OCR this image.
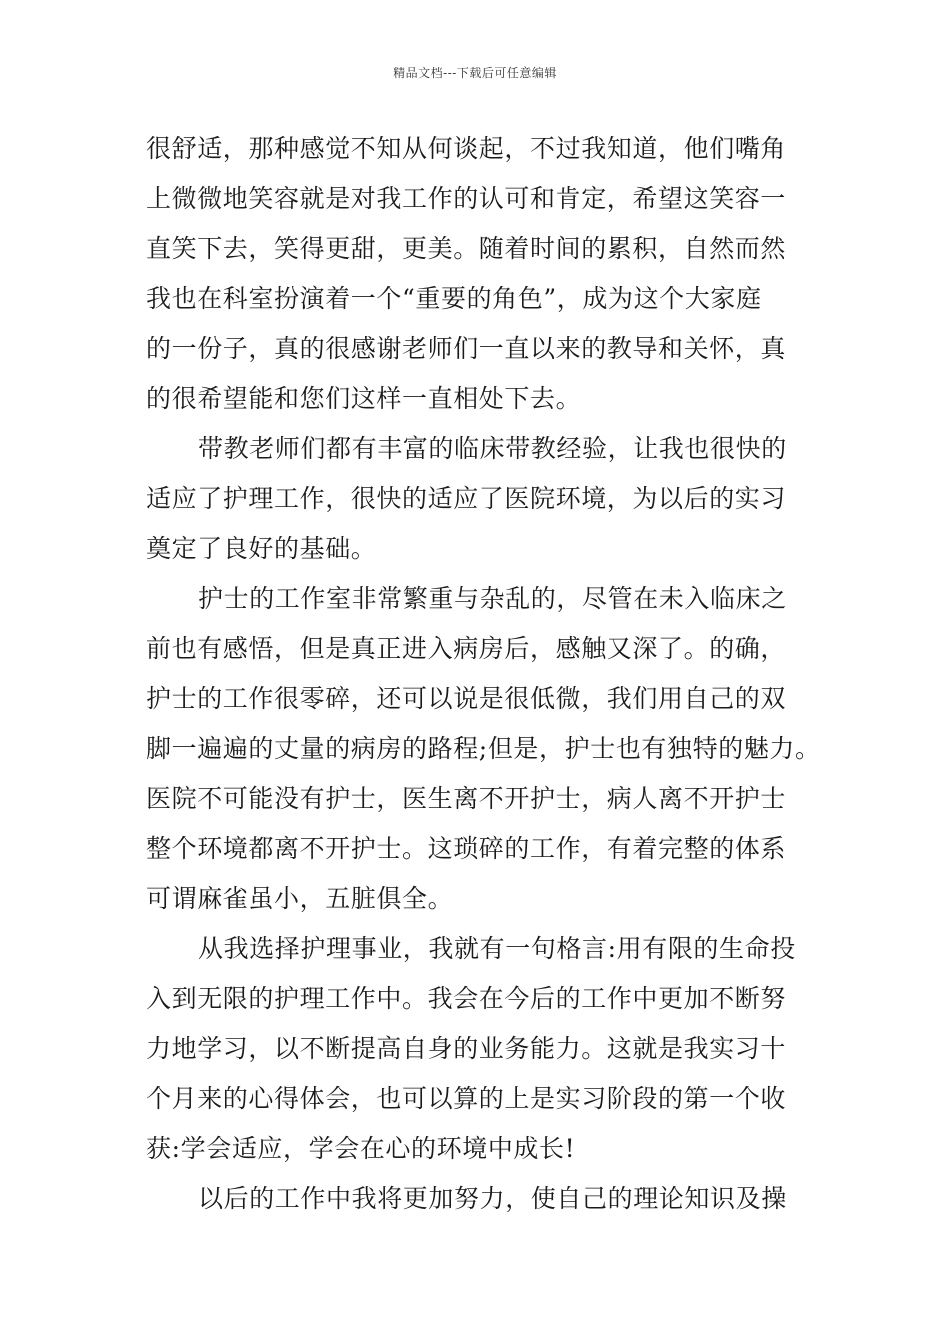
精品文档---下载后可任意编辑
很舒适，那种感觉不知从何谈起，不过我知道，他们嘴角
上微微地笑容就是对我工作的认可和肯定，希望这笑容一
直笑下去，笑得更甜，更美。随着时间的累积，自然而然
我也在科室扮演着一个“重要的角色”，成为这个大家庭
的一份子，真的很感谢老师们一直以来的教导和关怀，真
的很希望能和您们这样一直相处下去。
带教老师们都有丰富的临床带教经验，让我也很快的
适应了护理工作，很快的适应了医院环境，为以后的实习
奠定了良好的基础。
护士的工作室非常繁重与杂乱的，尽管在未入临床之
前也有感悟，但是真正进入病房后，感触又深了。的确，
护士的工作很零碎，还可以说是很低微，我们用自己的双
脚一遍遍的丈量的病房的路程;但是，护士也有独特的魅力。
医院不可能没有护士，医生离不开护士，病人离不开护士
整个环境都离不开护士。这琐碎的工作，有着完整的体系
可谓麻雀虽小，五脏俱全。
从我选择护理事业，我就有一句格言:用有限的生命投
入到无限的护理工作中。我会在今后的工作中更加不断努
力地学习，以不断提高自身的业务能力。这就是我实习十
个月来的心得体会，也可以算的上是实习阶段的第一个收
获:学会适应，学会在心的环境中成长!
以后的工作中我将更加努力，使自己的理论知识及操
